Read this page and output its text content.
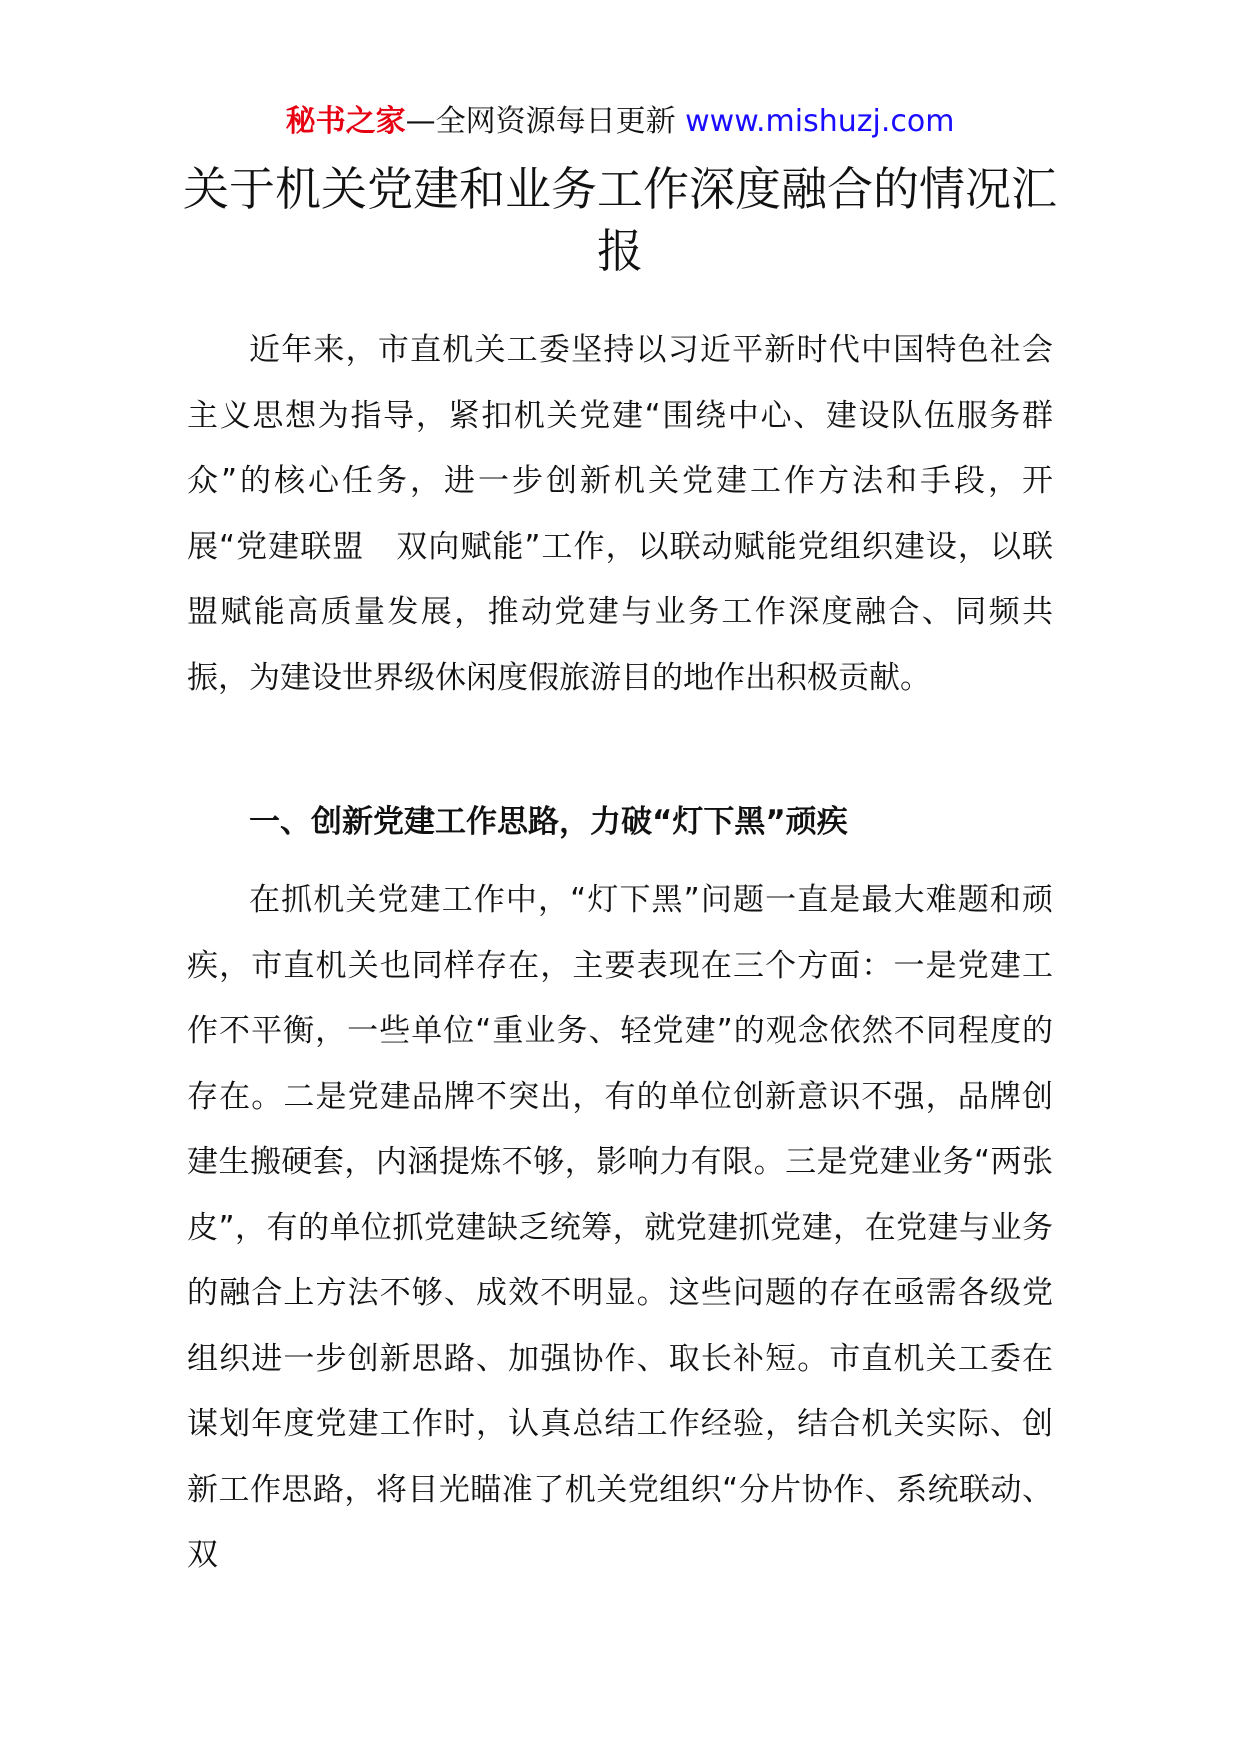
秘书之家—全网资源每日更新 www.mishuzj.com
关于机关党建和业务工作深度融合的情况汇报

近年来，市直机关工委坚持以习近平新时代中国特色社会主义思想为指导，紧扣机关党建“围绕中心、建设队伍服务群众”的核心任务，进一步创新机关党建工作方法和手段，开展“党建联盟　双向赋能”工作，以联动赋能党组织建设，以联盟赋能高质量发展，推动党建与业务工作深度融合、同频共振，为建设世界级休闲度假旅游目的地作出积极贡献。

一、创新党建工作思路，力破“灯下黑”顽疾

在抓机关党建工作中，“灯下黑”问题一直是最大难题和顽疾，市直机关也同样存在，主要表现在三个方面：一是党建工作不平衡，一些单位“重业务、轻党建”的观念依然不同程度的存在。二是党建品牌不突出，有的单位创新意识不强，品牌创建生搬硬套，内涵提炼不够，影响力有限。三是党建业务“两张皮”，有的单位抓党建缺乏统筹，就党建抓党建，在党建与业务的融合上方法不够、成效不明显。这些问题的存在亟需各级党组织进一步创新思路、加强协作、取长补短。市直机关工委在谋划年度党建工作时，认真总结工作经验，结合机关实际、创新工作思路，将目光瞄准了机关党组织“分片协作、系统联动、双
